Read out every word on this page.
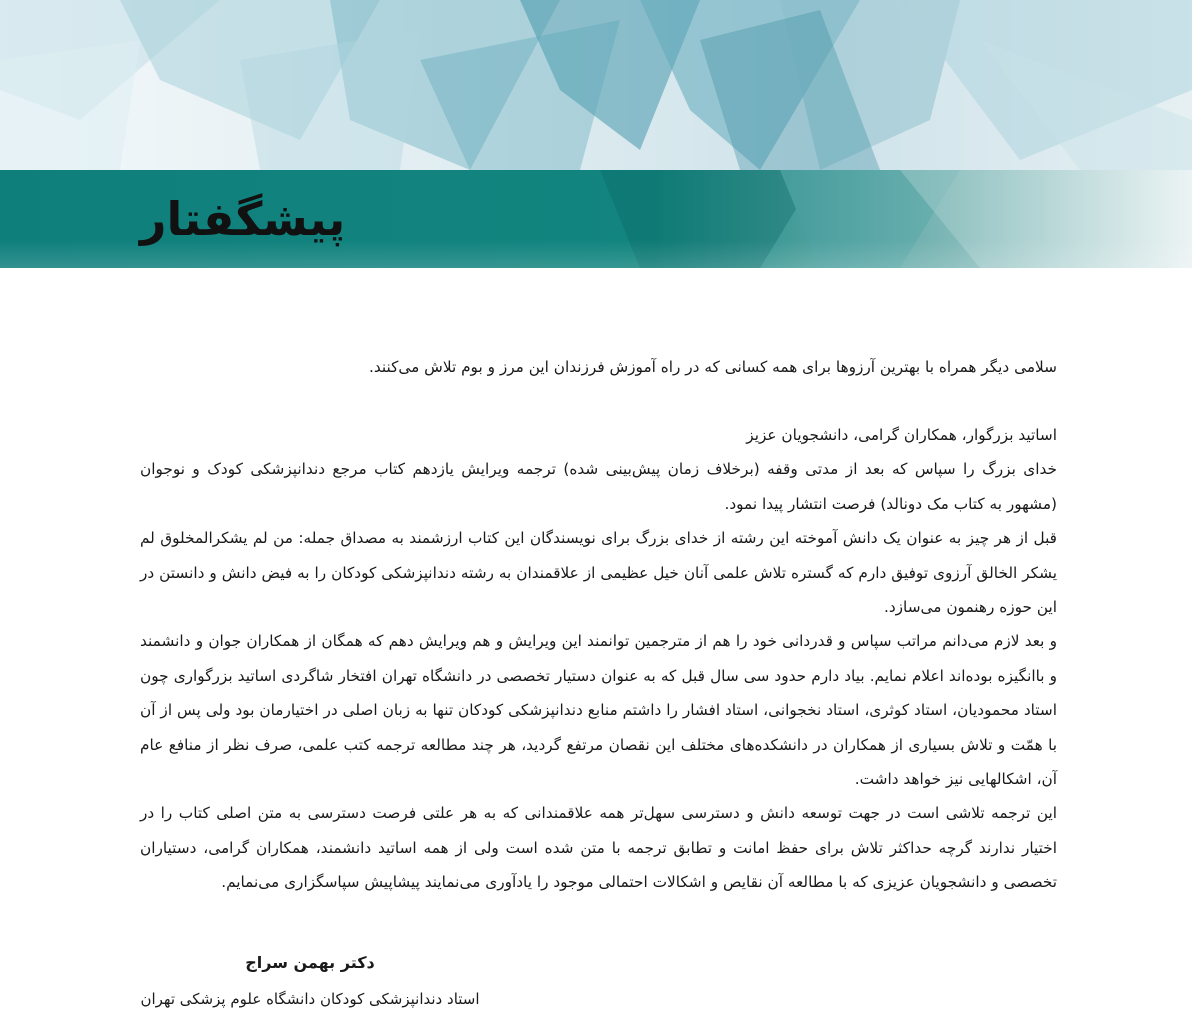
پیشگفتار

سلامی دیگر همراه با بهترین آرزوها برای همه کسانی که در راه آموزش فرزندان این مرز و بوم تلاش می‌کنند.

اساتید بزرگوار، همکاران گرامی، دانشجویان عزیز

خدای بزرگ را سپاس که بعد از مدتی وقفه (برخلاف زمان پیش‌بینی شده) ترجمه ویرایش یازدهم کتاب مرجع دندانپزشکی کودک و نوجوان (مشهور به کتاب مک دونالد) فرصت انتشار پیدا نمود.

قبل از هر چیز به عنوان یک دانش آموخته این رشته از خدای بزرگ برای نویسندگان این کتاب ارزشمند به مصداق جمله: من لم یشکرالمخلوق لم یشکر الخالق آرزوی توفیق دارم که گستره تلاش علمی آنان خیل عظیمی از علاقمندان به رشته دندانپزشکی کودکان را به فیض دانش و دانستن در این حوزه رهنمون می‌سازد.

و بعد لازم می‌دانم مراتب سپاس و قدردانی خود را هم از مترجمین توانمند این ویرایش و هم ویرایش دهم که همگان از همکاران جوان و دانشمند و باانگیزه بوده‌اند اعلام نمایم. بیاد دارم حدود سی سال قبل که به عنوان دستیار تخصصی در دانشگاه تهران افتخار شاگردی اساتید بزرگواری چون استاد محمودیان، استاد کوثری، استاد نخجوانی، استاد افشار را داشتم منابع دندانپزشکی کودکان تنها به زبان اصلی در اختیارمان بود ولی پس از آن با همّت و تلاش بسیاری از همکاران در دانشکده‌های مختلف این نقصان مرتفع گردید، هر چند مطالعه ترجمه کتب علمی، صرف نظر از منافع عام آن، اشکالهایی نیز خواهد داشت.

این ترجمه تلاشی است در جهت توسعه دانش و دسترسی سهل‌تر همه علاقمندانی که به هر علتی فرصت دسترسی به متن اصلی کتاب را در اختیار ندارند گرچه حداکثر تلاش برای حفظ امانت و تطابق ترجمه با متن شده است ولی از همه اساتید دانشمند، همکاران گرامی، دستیاران تخصصی و دانشجویان عزیزی که با مطالعه آن نقایص و اشکالات احتمالی موجود را یادآوری می‌نمایند پیشاپیش سپاسگزاری می‌نمایم.

دکتر بهمن سراج
استاد دندانپزشکی کودکان دانشگاه علوم پزشکی تهران
